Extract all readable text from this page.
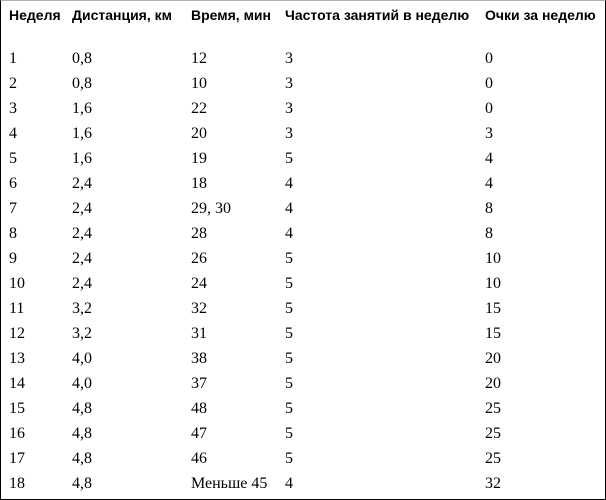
Неделя	Дистанция, км	Время, мин	Частота занятий в неделю	Очки за неделю
1	0,8	12	3	0
2	0,8	10	3	0
3	1,6	22	3	0
4	1,6	20	3	3
5	1,6	19	5	4
6	2,4	18	4	4
7	2,4	29, 30	4	8
8	2,4	28	4	8
9	2,4	26	5	10
10	2,4	24	5	10
11	3,2	32	5	15
12	3,2	31	5	15
13	4,0	38	5	20
14	4,0	37	5	20
15	4,8	48	5	25
16	4,8	47	5	25
17	4,8	46	5	25
18	4,8	Меньше 45	4	32
